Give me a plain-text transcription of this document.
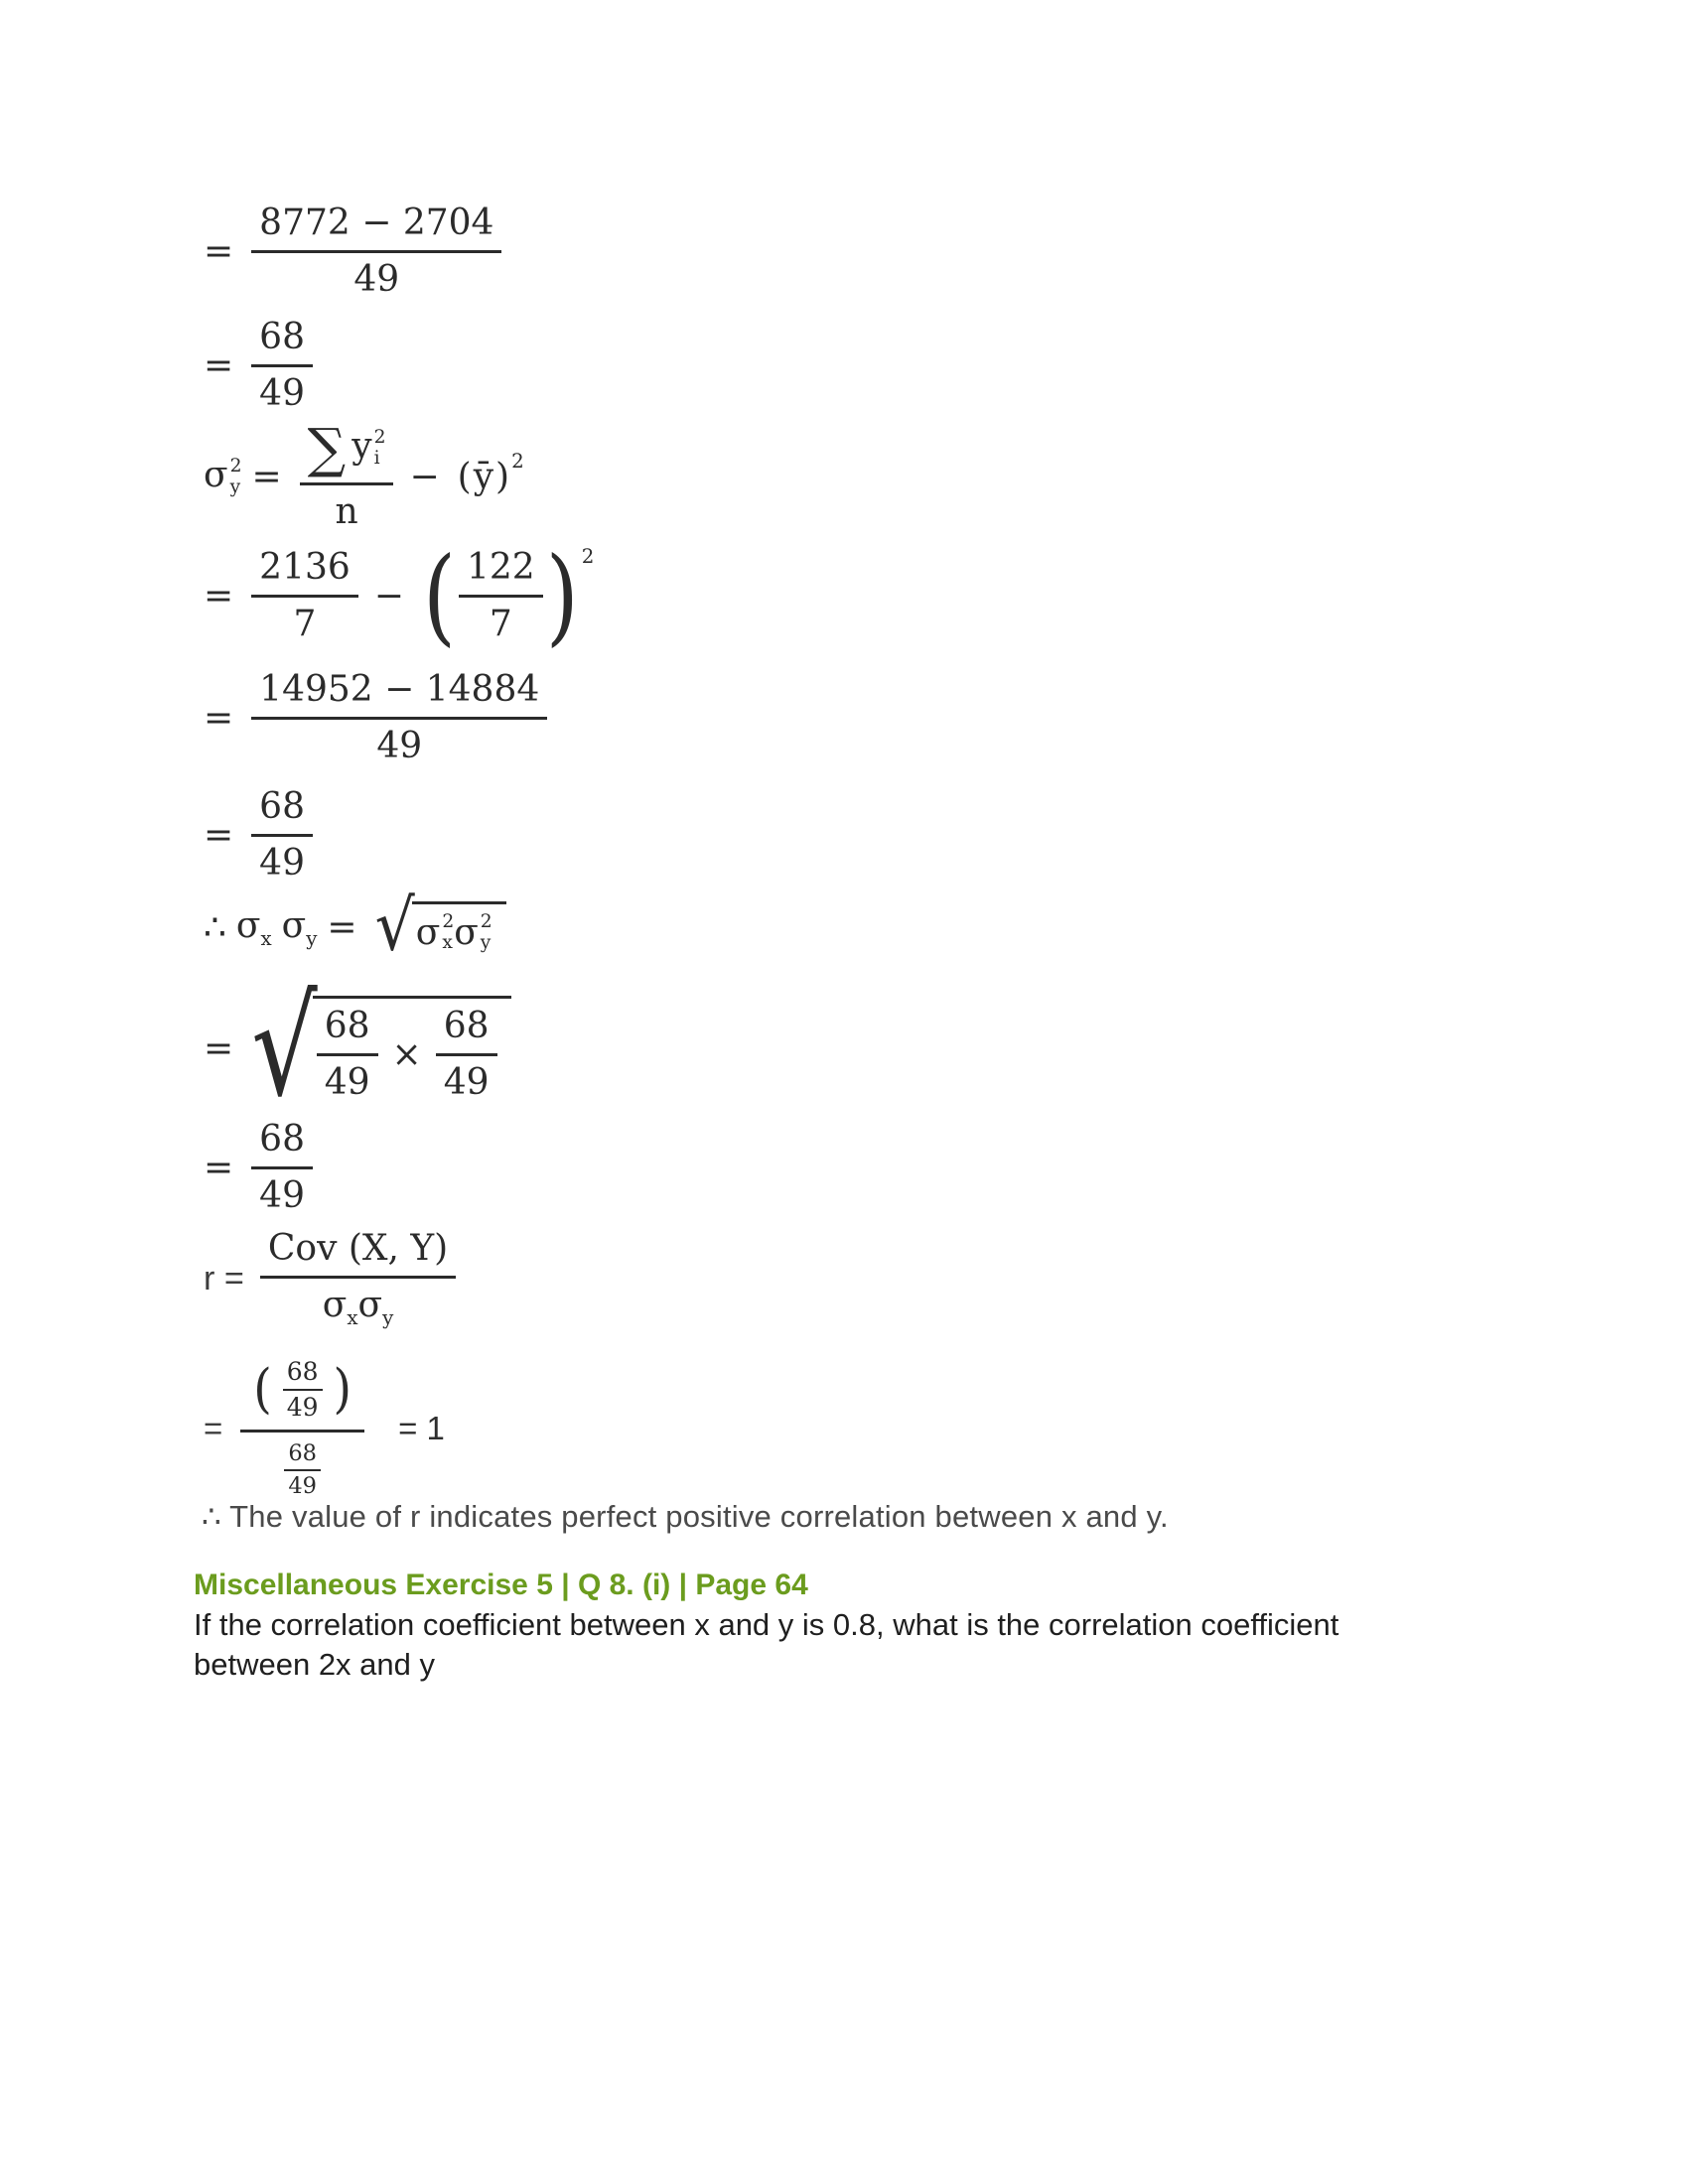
= $\frac{8772 - 2704}{49}$
= $\frac{68}{49}$
σ 2
y = ∑ y 2
i
n − ( ȳ ) 2
= $\frac{2136}{7}$ − ( $\frac{122}{7}$ ) 2
= $\frac{14952 - 14884}{49}$
= $\frac{68}{49}$
∴ $\sigma_x$ $\sigma_y$ = √ σ 2
x σ 2
y
= √ $\frac{68}{49} \times \frac{68}{49}$
= $\frac{68}{49}$
$r = \frac{\text{Cov (X, Y)}}{\sigma_x\sigma_y}$
= $\frac{( \frac{68}{49} )}{\frac{68}{49}} = 1$
∴ The value of r indicates perfect positive correlation between x and y.
Miscellaneous Exercise 5 | Q 8. (i) | Page 64
If the correlation coefficient between x and y is 0.8, what is the correlation coefficient
between 2x and y
